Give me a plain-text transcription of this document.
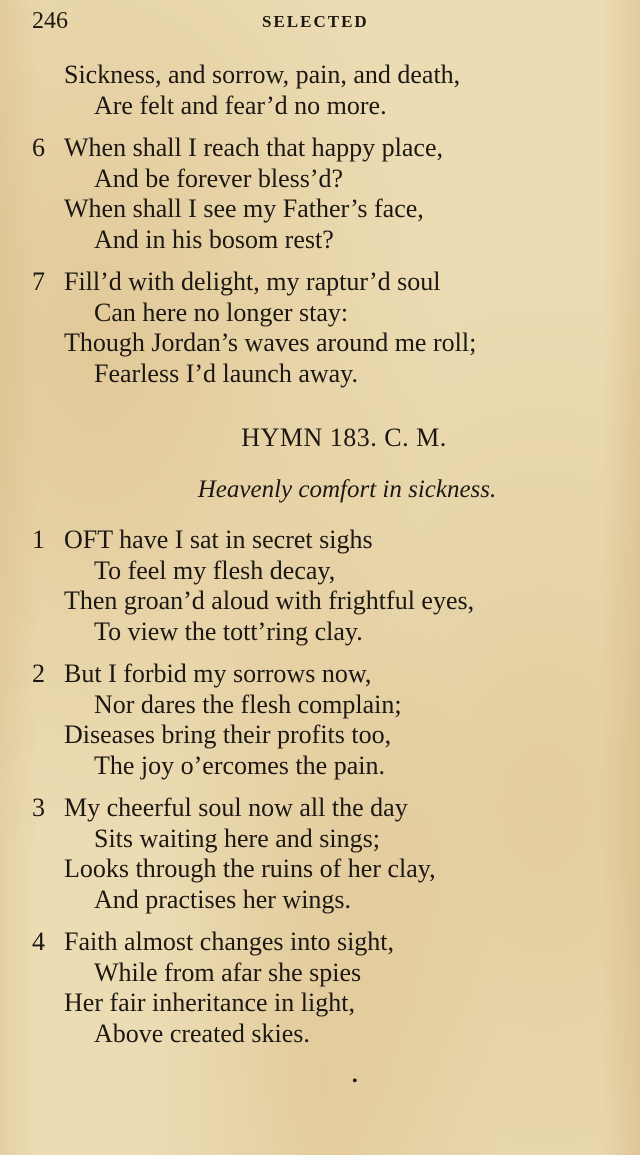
246	SELECTED
Sickness, and sorrow, pain, and death,
Are felt and fear’d no more.
6 When shall I reach that happy place,
And be forever bless’d?
When shall I see my Father’s face,
And in his bosom rest?
7 Fill’d with delight, my raptur’d soul
Can here no longer stay:
Though Jordan’s waves around me roll;
Fearless I’d launch away.
HYMN 183. C. M.
Heavenly comfort in sickness.
1 OFT have I sat in secret sighs
To feel my flesh decay,
Then groan’d aloud with frightful eyes,
To view the tott’ring clay.
2 But I forbid my sorrows now,
Nor dares the flesh complain;
Diseases bring their profits too,
The joy o’ercomes the pain.
3 My cheerful soul now all the day
Sits waiting here and sings;
Looks through the ruins of her clay,
And practises her wings.
4 Faith almost changes into sight,
While from afar she spies
Her fair inheritance in light,
Above created skies.
•
